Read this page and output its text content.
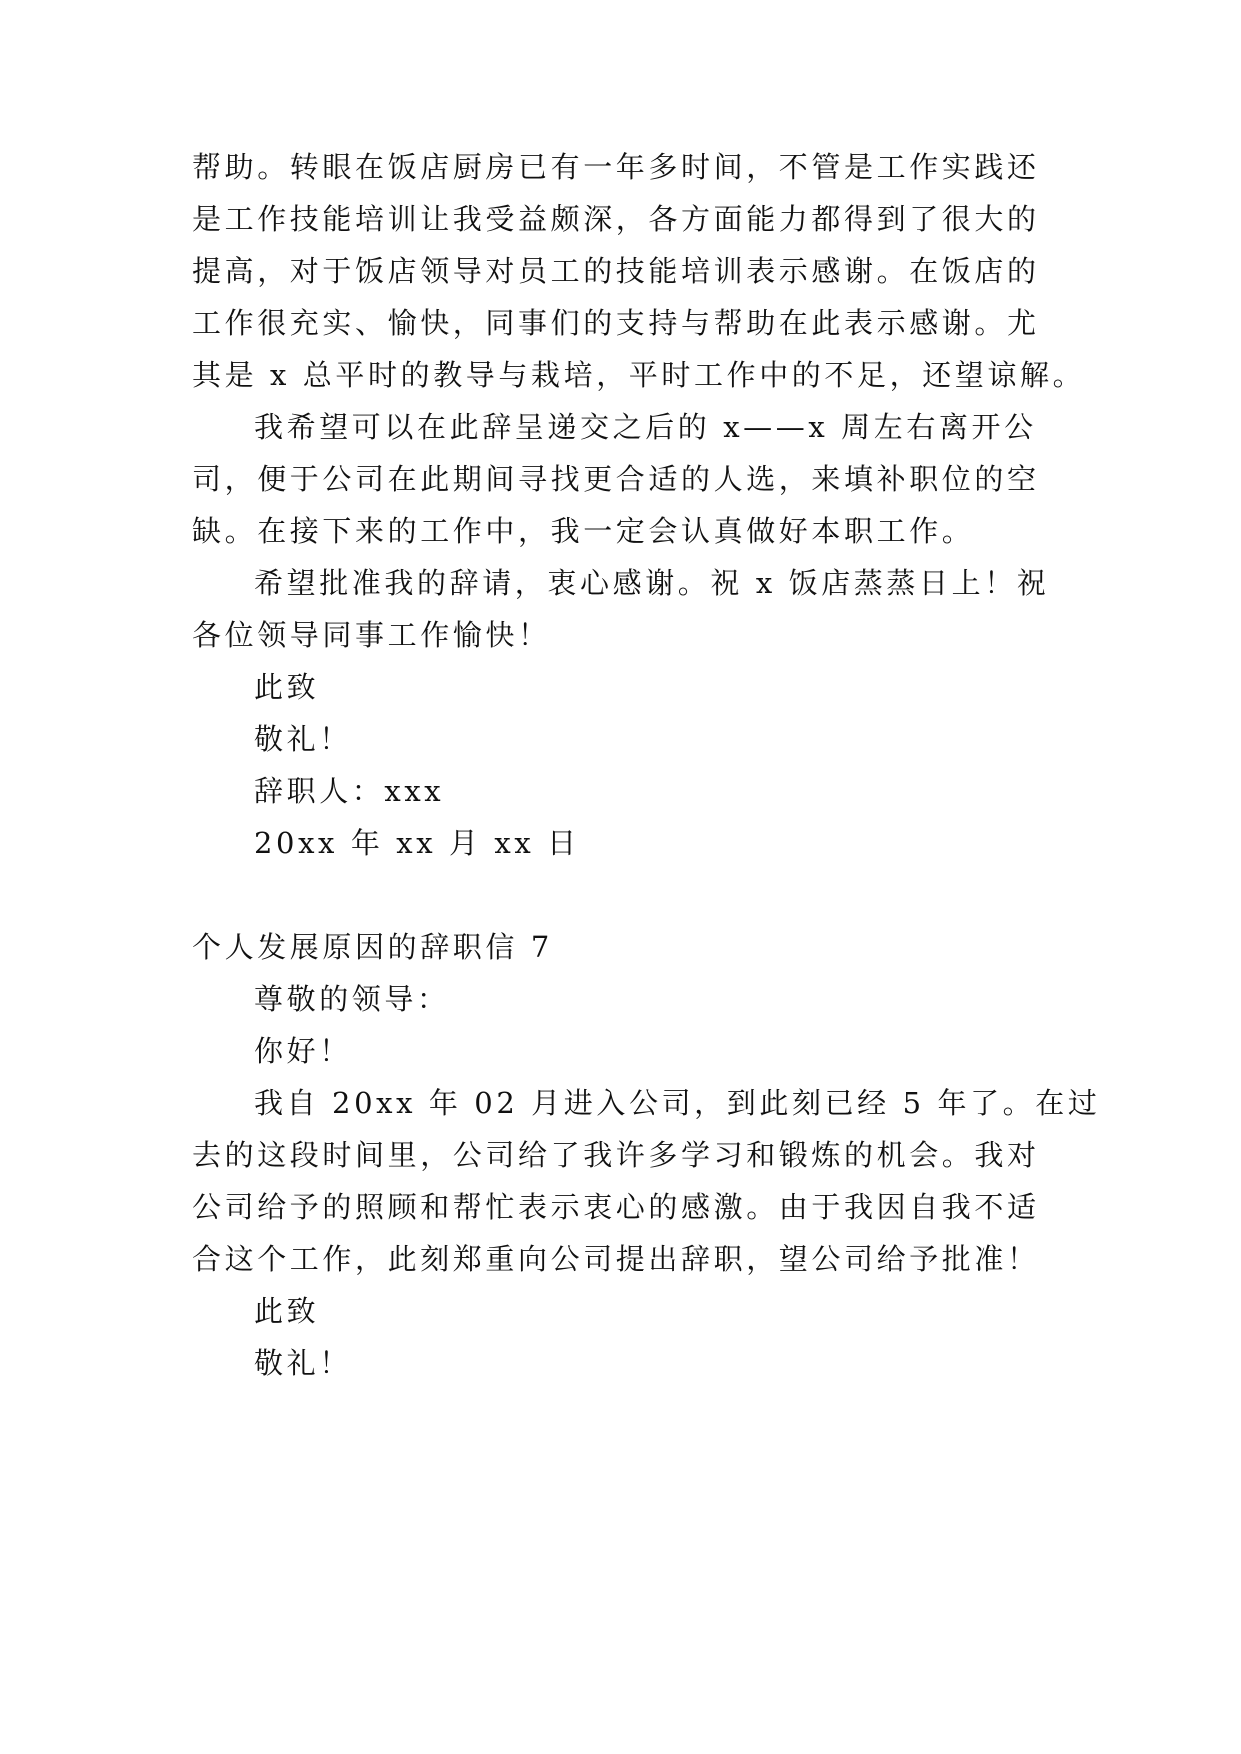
帮助。转眼在饭店厨房已有一年多时间，不管是工作实践还
是工作技能培训让我受益颇深，各方面能力都得到了很大的
提高，对于饭店领导对员工的技能培训表示感谢。在饭店的
工作很充实、愉快，同事们的支持与帮助在此表示感谢。尤
其是 x 总平时的教导与栽培，平时工作中的不足，还望谅解。
我希望可以在此辞呈递交之后的 x——x 周左右离开公
司，便于公司在此期间寻找更合适的人选，来填补职位的空
缺。在接下来的工作中，我一定会认真做好本职工作。
希望批准我的辞请，衷心感谢。祝 x 饭店蒸蒸日上！祝
各位领导同事工作愉快！
此致
敬礼！
辞职人：xxx
20xx 年 xx 月 xx 日
个人发展原因的辞职信 7
尊敬的领导：
你好！
我自 20xx 年 02 月进入公司，到此刻已经 5 年了。在过
去的这段时间里，公司给了我许多学习和锻炼的机会。我对
公司给予的照顾和帮忙表示衷心的感激。由于我因自我不适
合这个工作，此刻郑重向公司提出辞职，望公司给予批准！
此致
敬礼！
